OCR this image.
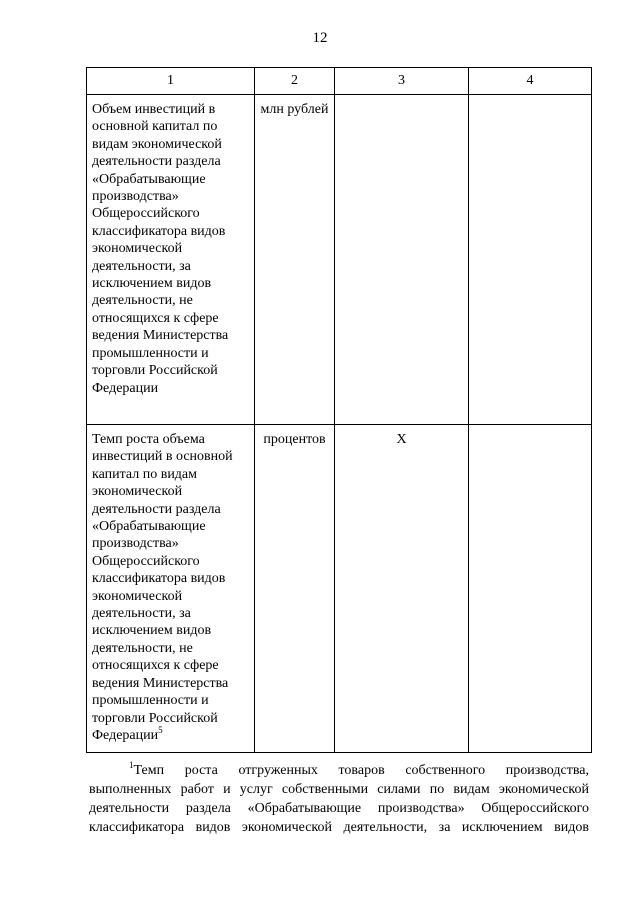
12
1	2	3	4
Объем инвестиций в основной капитал по видам экономической деятельности раздела «Обрабатывающие производства» Общероссийского классификатора видов экономической деятельности, за исключением видов деятельности, не относящихся к сфере ведения Министерства промышленности и торговли Российской Федерации	млн рублей		
Темп роста объема инвестиций в основной капитал по видам экономической деятельности раздела «Обрабатывающие производства» Общероссийского классификатора видов экономической деятельности, за исключением видов деятельности, не относящихся к сфере ведения Министерства промышленности и торговли Российской Федерации$^5$	процентов	Х	
$^1$Темп роста отгруженных товаров собственного производства, выполненных работ и услуг собственными силами по видам экономической деятельности раздела «Обрабатывающие производства» Общероссийского классификатора видов экономической деятельности, за исключением видов
